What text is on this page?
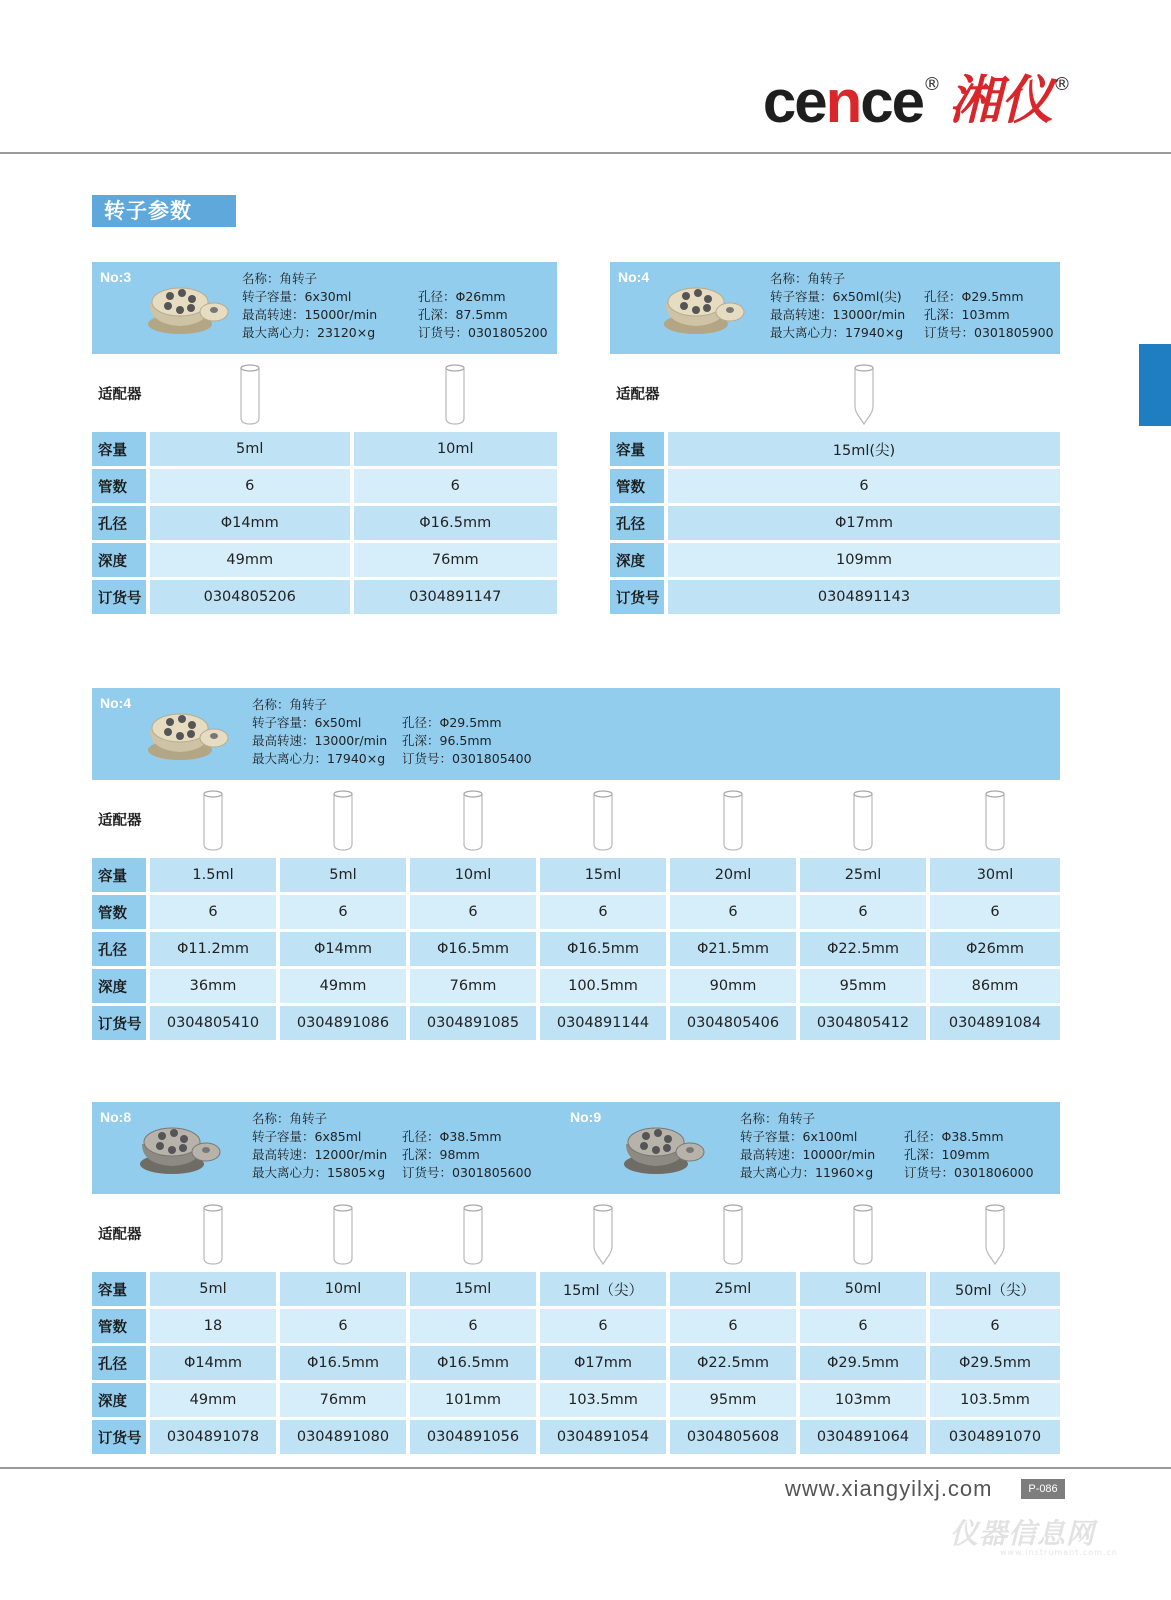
cence ® 湘仪 ®
转子参数
No:3	名称：角转子
转子容量：6x30ml
最高转速：15000r/min
最大离心力：23120×g
孔径：Φ26mm
孔深：87.5mm
订货号：0301805200
适配器	

容量	5ml	10ml
管数	6	6
孔径	Φ14mm	Φ16.5mm
深度	49mm	76mm
订货号	0304805206	0304891147
No:4	名称：角转子
转子容量：6x50ml(尖)
最高转速：13000r/min
最大离心力：17940×g
孔径：Φ29.5mm
孔深：103mm
订货号：0301805900
适配器	

容量	15ml(尖)
管数	6
孔径	Φ17mm
深度	109mm
订货号	0304891143
No:4	名称：角转子
转子容量：6x50ml
最高转速：13000r/min
最大离心力：17940×g
孔径：Φ29.5mm
孔深：96.5mm
订货号：0301805400
适配器	

容量	1.5ml	5ml	10ml	15ml	20ml	25ml	30ml
管数	6	6	6	6	6	6	6
孔径	Φ11.2mm	Φ14mm	Φ16.5mm	Φ16.5mm	Φ21.5mm	Φ22.5mm	Φ26mm
深度	36mm	49mm	76mm	100.5mm	90mm	95mm	86mm
订货号	0304805410	0304891086	0304891085	0304891144	0304805406	0304805412	0304891084
No:8	名称：角转子
转子容量：6x85ml
最高转速：12000r/min
最大离心力：15805×g
孔径：Φ38.5mm
孔深：98mm
订货号：0301805600
No:9	名称：角转子
转子容量：6x100ml
最高转速：10000r/min
最大离心力：11960×g
孔径：Φ38.5mm
孔深：109mm
订货号：0301806000
适配器	

容量	5ml	10ml	15ml	15ml（尖）	25ml	50ml	50ml（尖）
管数	18	6	6	6	6	6	6
孔径	Φ14mm	Φ16.5mm	Φ16.5mm	Φ17mm	Φ22.5mm	Φ29.5mm	Φ29.5mm
深度	49mm	76mm	101mm	103.5mm	95mm	103mm	103.5mm
订货号	0304891078	0304891080	0304891056	0304891054	0304805608	0304891064	0304891070
www.xiangyilxj.com	P-086
仪器信息网
www.instrument.com.cn
